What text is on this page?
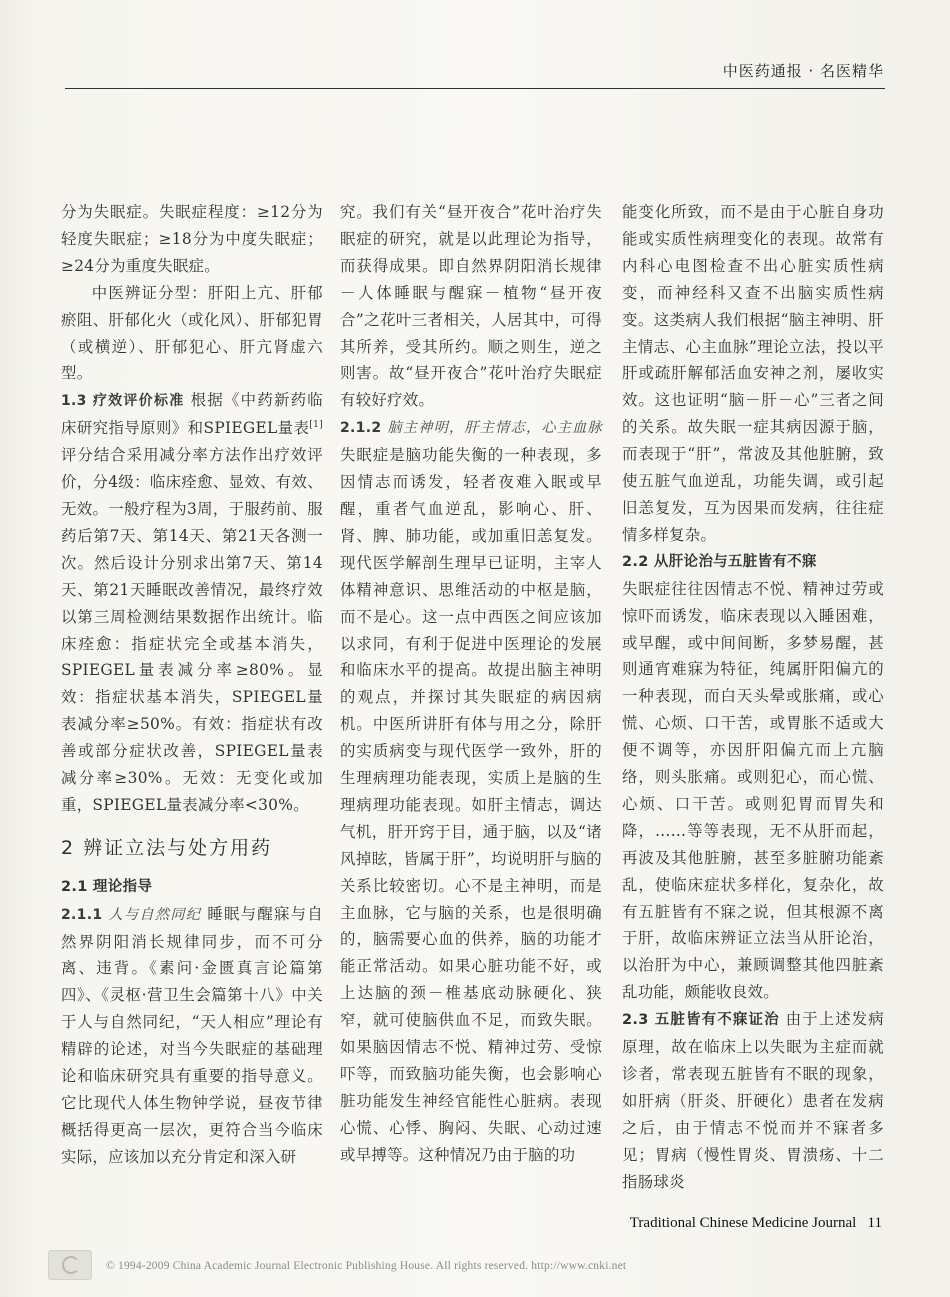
中医药通报 · 名医精华

分为失眠症。失眠症程度：≥12分为轻度失眠症；≥18分为中度失眠症；≥24分为重度失眠症。

中医辨证分型：肝阳上亢、肝郁瘀阻、肝郁化火（或化风）、肝郁犯胃（或横逆）、肝郁犯心、肝亢肾虚六型。

1.3 疗效评价标准 根据《中药新药临床研究指导原则》和SPIEGEL量表[1]评分结合采用减分率方法作出疗效评价，分4级：临床痊愈、显效、有效、无效。一般疗程为3周，于服药前、服药后第7天、第14天、第21天各测一次。然后设计分别求出第7天、第14天、第21天睡眠改善情况，最终疗效以第三周检测结果数据作出统计。临床痊愈：指症状完全或基本消失，SPIEGEL量表减分率≥80%。显效：指症状基本消失，SPIEGEL量表减分率≥50%。有效：指症状有改善或部分症状改善，SPIEGEL量表减分率≥30%。无效：无变化或加重，SPIEGEL量表减分率<30%。

2 辨证立法与处方用药

2.1 理论指导

2.1.1 人与自然同纪 睡眠与醒寐与自然界阴阳消长规律同步，而不可分离、违背。《素问·金匮真言论篇第四》、《灵枢·营卫生会篇第十八》中关于人与自然同纪，“天人相应”理论有精辟的论述，对当今失眠症的基础理论和临床研究具有重要的指导意义。它比现代人体生物钟学说，昼夜节律概括得更高一层次，更符合当今临床实际，应该加以充分肯定和深入研

究。我们有关“昼开夜合”花叶治疗失眠症的研究，就是以此理论为指导，而获得成果。即自然界阴阳消长规律－人体睡眠与醒寐－植物“昼开夜合”之花叶三者相关，人居其中，可得其所养，受其所约。顺之则生，逆之则害。故“昼开夜合”花叶治疗失眠症有较好疗效。

2.1.2 脑主神明，肝主情志，心主血脉 失眠症是脑功能失衡的一种表现，多因情志而诱发，轻者夜难入眠或早醒，重者气血逆乱，影响心、肝、肾、脾、肺功能，或加重旧恙复发。现代医学解剖生理早已证明，主宰人体精神意识、思维活动的中枢是脑，而不是心。这一点中西医之间应该加以求同，有利于促进中医理论的发展和临床水平的提高。故提出脑主神明的观点，并探讨其失眠症的病因病机。中医所讲肝有体与用之分，除肝的实质病变与现代医学一致外，肝的生理病理功能表现，实质上是脑的生理病理功能表现。如肝主情志，调达气机，肝开窍于目，通于脑，以及“诸风掉眩，皆属于肝”，均说明肝与脑的关系比较密切。心不是主神明，而是主血脉，它与脑的关系，也是很明确的，脑需要心血的供养，脑的功能才能正常活动。如果心脏功能不好，或上达脑的颈－椎基底动脉硬化、狭窄，就可使脑供血不足，而致失眠。如果脑因情志不悦、精神过劳、受惊吓等，而致脑功能失衡，也会影响心脏功能发生神经官能性心脏病。表现心慌、心悸、胸闷、失眠、心动过速或早搏等。这种情况乃由于脑的功

能变化所致，而不是由于心脏自身功能或实质性病理变化的表现。故常有内科心电图检查不出心脏实质性病变，而神经科又查不出脑实质性病变。这类病人我们根据“脑主神明、肝主情志、心主血脉”理论立法，投以平肝或疏肝解郁活血安神之剂，屡收实效。这也证明“脑－肝－心”三者之间的关系。故失眠一症其病因源于脑，而表现于“肝”，常波及其他脏腑，致使五脏气血逆乱，功能失调，或引起旧恙复发，互为因果而发病，往往症情多样复杂。

2.2 从肝论治与五脏皆有不寐

失眠症往往因情志不悦、精神过劳或惊吓而诱发，临床表现以入睡困难，或早醒，或中间间断，多梦易醒，甚则通宵难寐为特征，纯属肝阳偏亢的一种表现，而白天头晕或胀痛，或心慌、心烦、口干苦，或胃胀不适或大便不调等，亦因肝阳偏亢而上亢脑络，则头胀痛。或则犯心，而心慌、心烦、口干苦。或则犯胃而胃失和降，……等等表现，无不从肝而起，再波及其他脏腑，甚至多脏腑功能紊乱，使临床症状多样化，复杂化，故有五脏皆有不寐之说，但其根源不离于肝，故临床辨证立法当从肝论治，以治肝为中心，兼顾调整其他四脏紊乱功能，颇能收良效。

2.3 五脏皆有不寐证治 由于上述发病原理，故在临床上以失眠为主症而就诊者，常表现五脏皆有不眠的现象，如肝病（肝炎、肝硬化）患者在发病之后，由于情志不悦而并不寐者多见；胃病（慢性胃炎、胃溃疡、十二指肠球炎

Traditional Chinese Medicine Journal 11
© 1994-2009 China Academic Journal Electronic Publishing House. All rights reserved. http://www.cnki.net
